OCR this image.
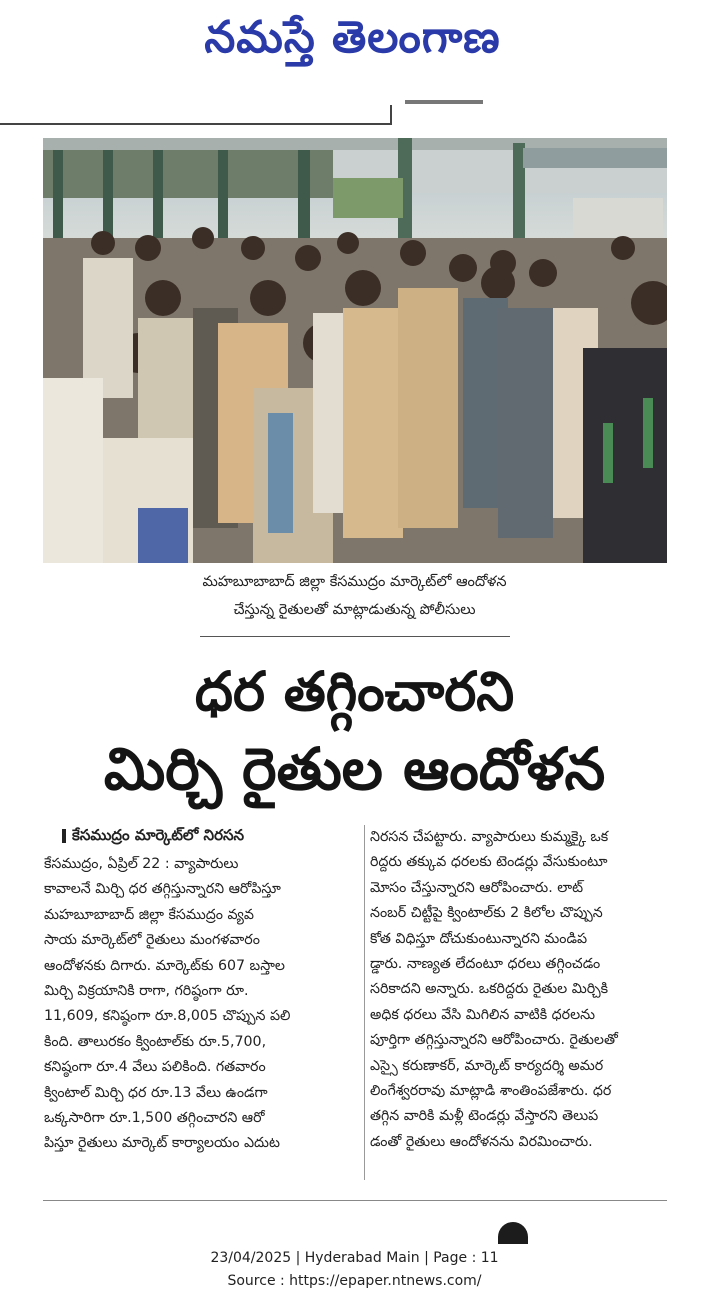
నమస్తే తెలంగాణ
మహబూబాబాద్ జిల్లా కేసముద్రం మార్కెట్‌లో ఆందోళన
చేస్తున్న రైతులతో మాట్లాడుతున్న పోలీసులు
ధర తగ్గించారని
మిర్చి రైతుల ఆందోళన
కేసముద్రం మార్కెట్‌లో నిరసన
కేసముద్రం, ఏప్రిల్ 22 : వ్యాపారులు
కావాలనే మిర్చి ధర తగ్గిస్తున్నారని ఆరోపిస్తూ
మహబూబాబాద్ జిల్లా కేసముద్రం వ్యవ
సాయ మార్కెట్‌లో రైతులు మంగళవారం
ఆందోళనకు దిగారు. మార్కెట్‌కు 607 బస్తాల
మిర్చి విక్రయానికి రాగా, గరిష్ఠంగా రూ.
11,609, కనిష్ఠంగా రూ.8,005 చొప్పున పలి
కింది. తాలురకం క్వింటాల్‌కు రూ.5,700,
కనిష్ఠంగా రూ.4 వేలు పలికింది. గతవారం
క్వింటాల్ మిర్చి ధర రూ.13 వేలు ఉండగా
ఒక్కసారిగా రూ.1,500 తగ్గించారని ఆరో
పిస్తూ రైతులు మార్కెట్ కార్యాలయం ఎదుట
నిరసన చేపట్టారు. వ్యాపారులు కుమ్మక్కై ఒక
రిద్దరు తక్కువ ధరలకు టెండర్లు వేసుకుంటూ
మోసం చేస్తున్నారని ఆరోపించారు. లాట్
నంబర్ చిట్టీపై క్వింటాల్‌కు 2 కిలోల చొప్పున
కోత విధిస్తూ దోచుకుంటున్నారని మండిప
డ్డారు. నాణ్యత లేదంటూ ధరలు తగ్గించడం
సరికాదని అన్నారు. ఒకరిద్దరు రైతుల మిర్చికి
అధిక ధరలు వేసి మిగిలిన వాటికి ధరలను
పూర్తిగా తగ్గిస్తున్నారని ఆరోపించారు. రైతులతో
ఎస్సై కరుణాకర్, మార్కెట్ కార్యదర్శి అమర
లింగేశ్వరరావు మాట్లాడి శాంతింపజేశారు. ధర
తగ్గిన వారికి మళ్లీ టెండర్లు వేస్తారని తెలుప
డంతో రైతులు ఆందోళనను విరమించారు.
23/04/2025 | Hyderabad Main | Page : 11
Source : https://epaper.ntnews.com/
